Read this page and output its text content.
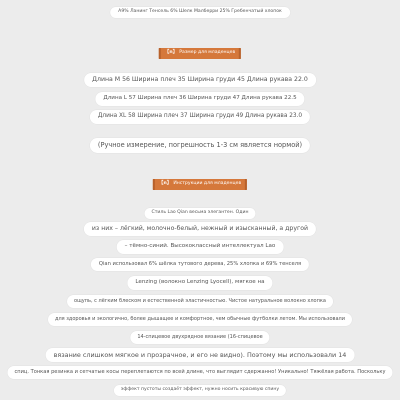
A9% Ланинг Тенсель 6% Шелк Малберри 25% Гребенчатый хлопок
【n】 Размер для младенцев
Длина M 56 Ширина плеч 35 Ширина груди 45 Длина рукава 22.0
Длина L 57 Ширина плеч 36 Ширина груди 47 Длина рукава 22.5
Длина XL 58 Ширина плеч 37 Ширина груди 49 Длина рукава 23.0
(Ручное измерение, погрешность 1-3 см является нормой)
【n】 Инструкции для младенцев
Стиль Lao Qian весьма элегантен. Один
из них – лёгкий, молочно-белый, нежный и изысканный, а другой
– тёмно-синий. Высококлассный интеллектуал Lao
Qian использовал 6% шёлка тутового дерева, 25% хлопка и 69% тенселя
Lenzing (волокно Lenzing Lyocell), мягкое на
ощупь, с лёгким блеском и естественной эластичностью. Чистое натуральное волокно хлопка
для здоровья и экологично, более дышащее и комфортное, чем обычные футболки летом. Мы использовали
14-спицевое двухрядное вязание (16-спицевое
вязание слишком мягкое и прозрачное, и его не видно). Поэтому мы использовали 14
спиц. Тонкая резинка и сетчатые косы переплетаются по всей длине, что выглядит сдержанно! Уникально! Тяжёлая работа. Поскольку
эффект пустоты создаёт эффект, нужно носить красивую спину
